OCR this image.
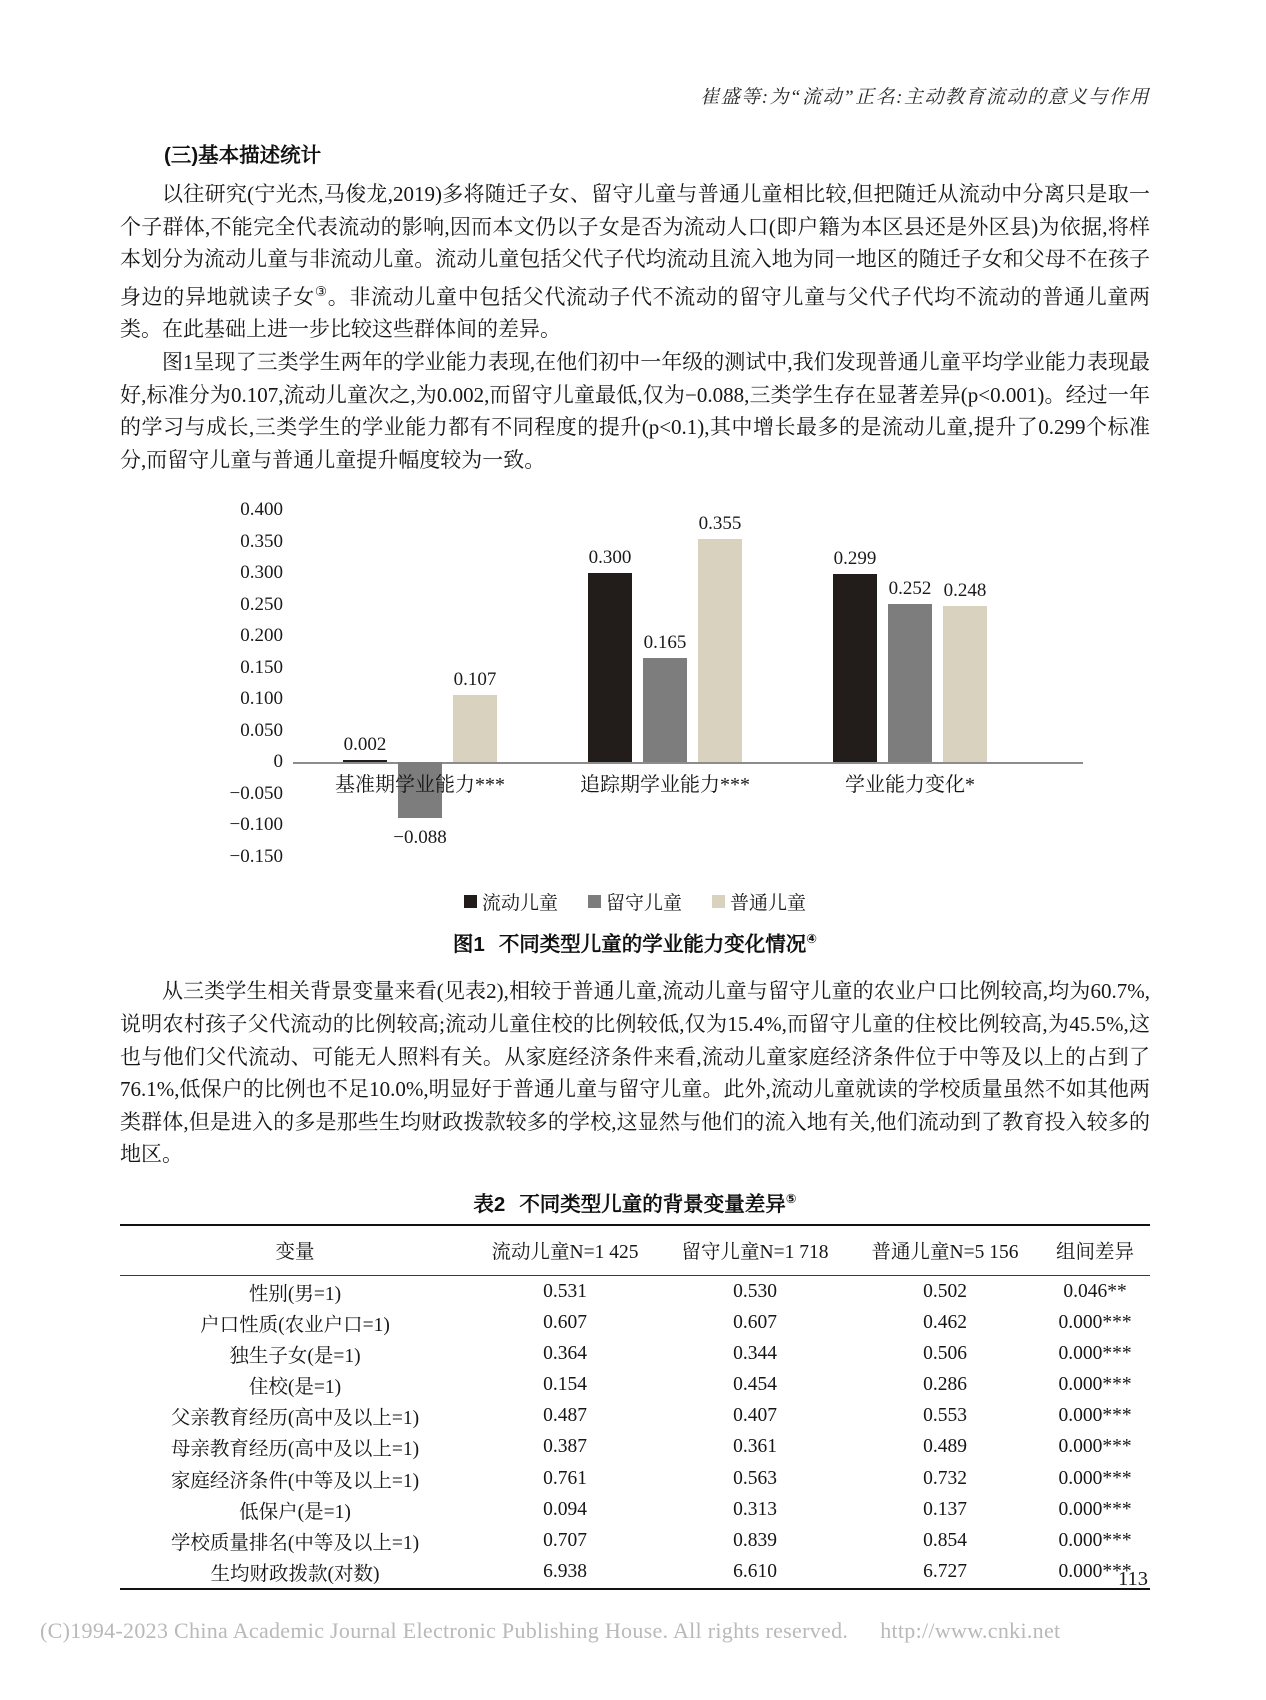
崔盛等:为“流动”正名:主动教育流动的意义与作用
(三)基本描述统计

以往研究(宁光杰,马俊龙,2019)多将随迁子女、留守儿童与普通儿童相比较,但把随迁从流动中分离只是取一个子群体,不能完全代表流动的影响,因而本文仍以子女是否为流动人口(即户籍为本区县还是外区县)为依据,将样本划分为流动儿童与非流动儿童。流动儿童包括父代子代均流动且流入地为同一地区的随迁子女和父母不在孩子身边的异地就读子女③。非流动儿童中包括父代流动子代不流动的留守儿童与父代子代均不流动的普通儿童两类。在此基础上进一步比较这些群体间的差异。

图1呈现了三类学生两年的学业能力表现,在他们初中一年级的测试中,我们发现普通儿童平均学业能力表现最好,标准分为0.107,流动儿童次之,为0.002,而留守儿童最低,仅为−0.088,三类学生存在显著差异(p<0.001)。经过一年的学习与成长,三类学生的学业能力都有不同程度的提升(p<0.1),其中增长最多的是流动儿童,提升了0.299个标准分,而留守儿童与普通儿童提升幅度较为一致。

0.400
0.350
0.300
0.250
0.200
0.150
0.100
0.050
0
−0.050
−0.100
−0.150
基准期学业能力***	追踪期学业能力***	学业能力变化*
0.002
−0.088
0.107
0.300
0.165
0.355
0.299
0.252 0.248
流动儿童	留守儿童	普通儿童
图1 不同类型儿童的学业能力变化情况④

从三类学生相关背景变量来看(见表2),相较于普通儿童,流动儿童与留守儿童的农业户口比例较高,均为60.7%,说明农村孩子父代流动的比例较高;流动儿童住校的比例较低,仅为15.4%,而留守儿童的住校比例较高,为45.5%,这也与他们父代流动、可能无人照料有关。从家庭经济条件来看,流动儿童家庭经济条件位于中等及以上的占到了76.1%,低保户的比例也不足10.0%,明显好于普通儿童与留守儿童。此外,流动儿童就读的学校质量虽然不如其他两类群体,但是进入的多是那些生均财政拨款较多的学校,这显然与他们的流入地有关,他们流动到了教育投入较多的地区。

表2 不同类型儿童的背景变量差异⑤
变量	流动儿童N=1 425	留守儿童N=1 718	普通儿童N=5 156	组间差异
性别(男=1)	0.531	0.530	0.502	0.046**
户口性质(农业户口=1)	0.607	0.607	0.462	0.000***
独生子女(是=1)	0.364	0.344	0.506	0.000***
住校(是=1)	0.154	0.454	0.286	0.000***
父亲教育经历(高中及以上=1)	0.487	0.407	0.553	0.000***
母亲教育经历(高中及以上=1)	0.387	0.361	0.489	0.000***
家庭经济条件(中等及以上=1)	0.761	0.563	0.732	0.000***
低保户(是=1)	0.094	0.313	0.137	0.000***
学校质量排名(中等及以上=1)	0.707	0.839	0.854	0.000***
生均财政拨款(对数)	6.938	6.610	6.727	0.000***
113
(C)1994-2023 China Academic Journal Electronic Publishing House. All rights reserved. http://www.cnki.net
